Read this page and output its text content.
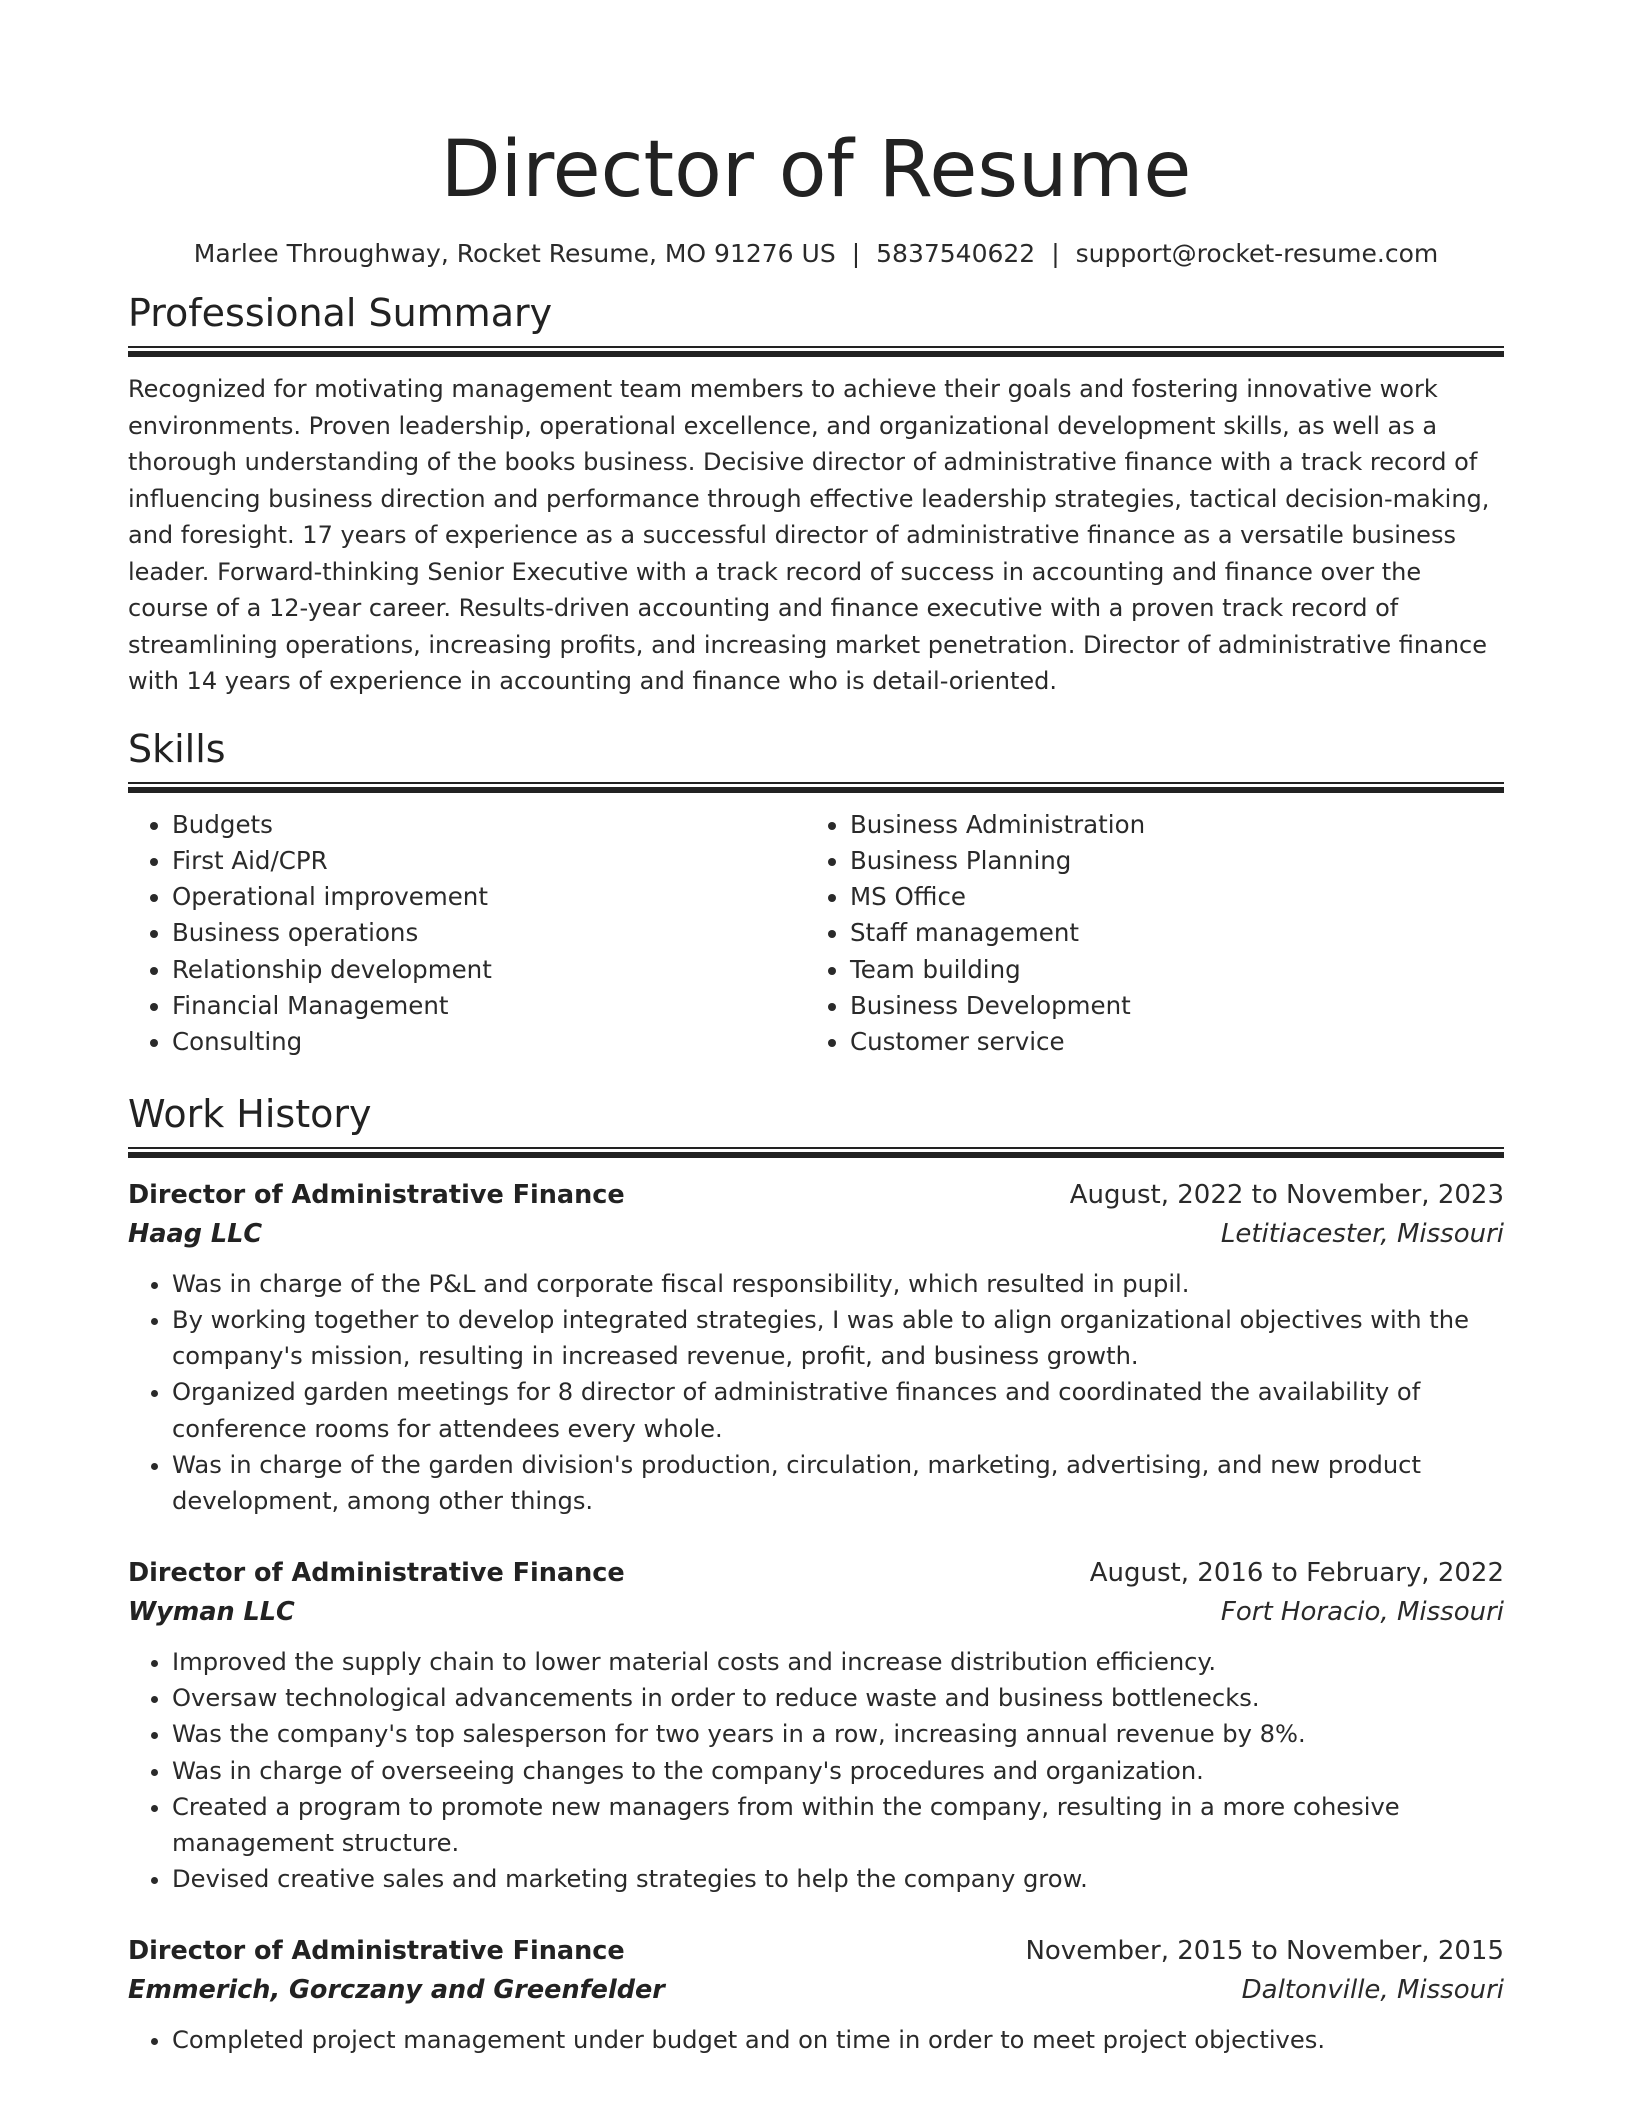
Director of Resume
Marlee Throughway, Rocket Resume, MO 91276 US | 5837540622 | support@rocket-resume.com
Professional Summary

Recognized for motivating management team members to achieve their goals and fostering innovative work environments. Proven leadership, operational excellence, and organizational development skills, as well as a thorough understanding of the books business. Decisive director of administrative finance with a track record of influencing business direction and performance through effective leadership strategies, tactical decision-making, and foresight. 17 years of experience as a successful director of administrative finance as a versatile business leader. Forward-thinking Senior Executive with a track record of success in accounting and finance over the course of a 12-year career. Results-driven accounting and finance executive with a proven track record of streamlining operations, increasing profits, and increasing market penetration. Director of administrative finance with 14 years of experience in accounting and finance who is detail-oriented.

Skills
• Budgets
• First Aid/CPR
• Operational improvement
• Business operations
• Relationship development
• Financial Management
• Consulting
• Business Administration
• Business Planning
• MS Office
• Staff management
• Team building
• Business Development
• Customer service
Work History
Director of Administrative Finance	August, 2022 to November, 2023
Haag LLC	Letitiacester, Missouri
• Was in charge of the P&L and corporate fiscal responsibility, which resulted in pupil.
• By working together to develop integrated strategies, I was able to align organizational objectives with the company's mission, resulting in increased revenue, profit, and business growth.
• Organized garden meetings for 8 director of administrative finances and coordinated the availability of conference rooms for attendees every whole.
• Was in charge of the garden division's production, circulation, marketing, advertising, and new product development, among other things.
Director of Administrative Finance	August, 2016 to February, 2022
Wyman LLC	Fort Horacio, Missouri
• Improved the supply chain to lower material costs and increase distribution efficiency.
• Oversaw technological advancements in order to reduce waste and business bottlenecks.
• Was the company's top salesperson for two years in a row, increasing annual revenue by 8%.
• Was in charge of overseeing changes to the company's procedures and organization.
• Created a program to promote new managers from within the company, resulting in a more cohesive management structure.
• Devised creative sales and marketing strategies to help the company grow.
Director of Administrative Finance	November, 2015 to November, 2015
Emmerich, Gorczany and Greenfelder	Daltonville, Missouri
• Completed project management under budget and on time in order to meet project objectives.
